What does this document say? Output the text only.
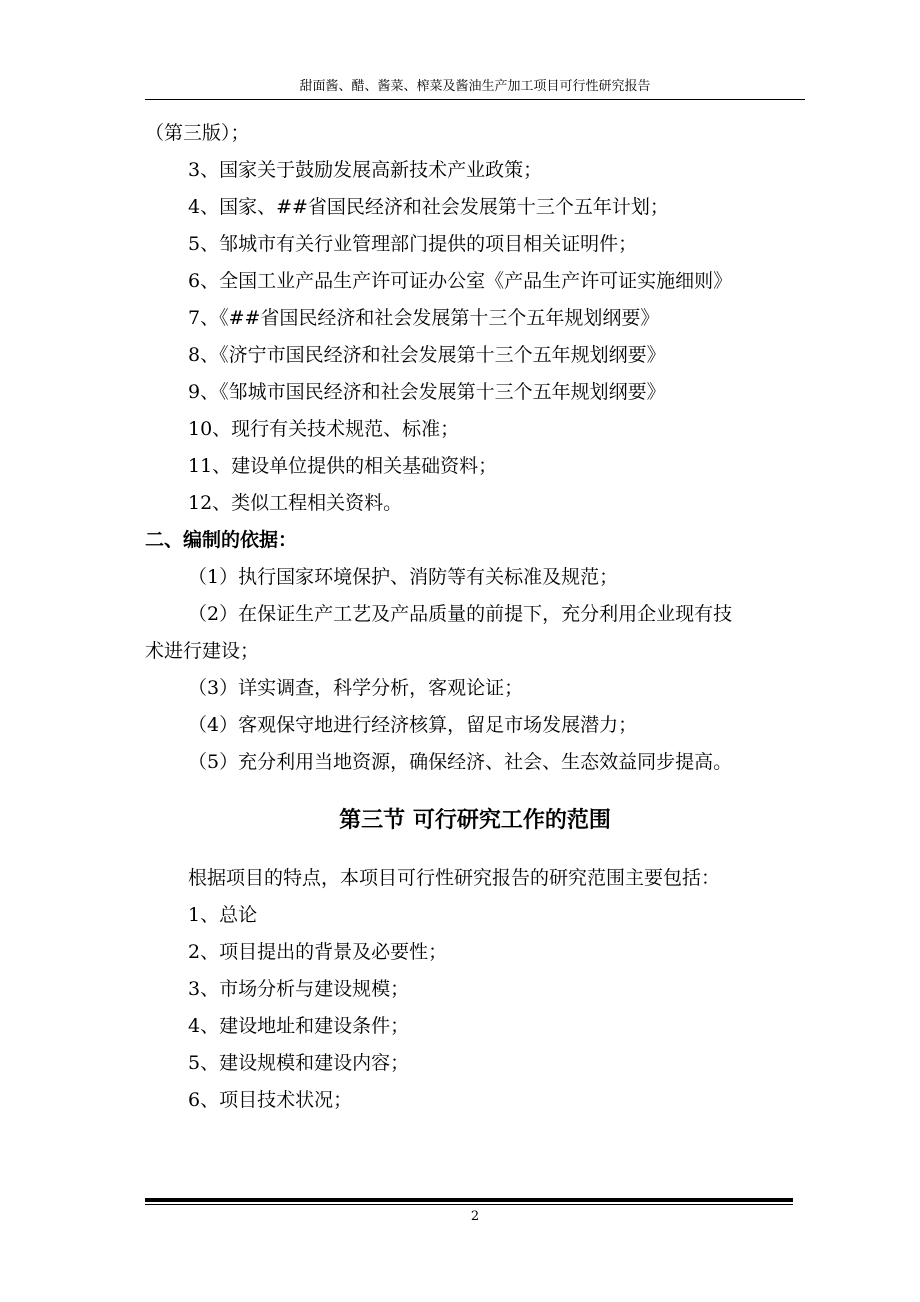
甜面酱、醋、酱菜、榨菜及酱油生产加工项目可行性研究报告
（第三版）；
3、国家关于鼓励发展高新技术产业政策；
4、国家、##省国民经济和社会发展第十三个五年计划；
5、邹城市有关行业管理部门提供的项目相关证明件；
6、全国工业产品生产许可证办公室《产品生产许可证实施细则》
7、《##省国民经济和社会发展第十三个五年规划纲要》
8、《济宁市国民经济和社会发展第十三个五年规划纲要》
9、《邹城市国民经济和社会发展第十三个五年规划纲要》
10、现行有关技术规范、标准；
11、建设单位提供的相关基础资料；
12、类似工程相关资料。
二、编制的依据：
（1）执行国家环境保护、消防等有关标准及规范；
（2）在保证生产工艺及产品质量的前提下，充分利用企业现有技
术进行建设；
（3）详实调查，科学分析，客观论证；
（4）客观保守地进行经济核算，留足市场发展潜力；
（5）充分利用当地资源，确保经济、社会、生态效益同步提高。
第三节 可行研究工作的范围
根据项目的特点，本项目可行性研究报告的研究范围主要包括：
1、总论
2、项目提出的背景及必要性；
3、市场分析与建设规模；
4、建设地址和建设条件；
5、建设规模和建设内容；
6、项目技术状况；
2
